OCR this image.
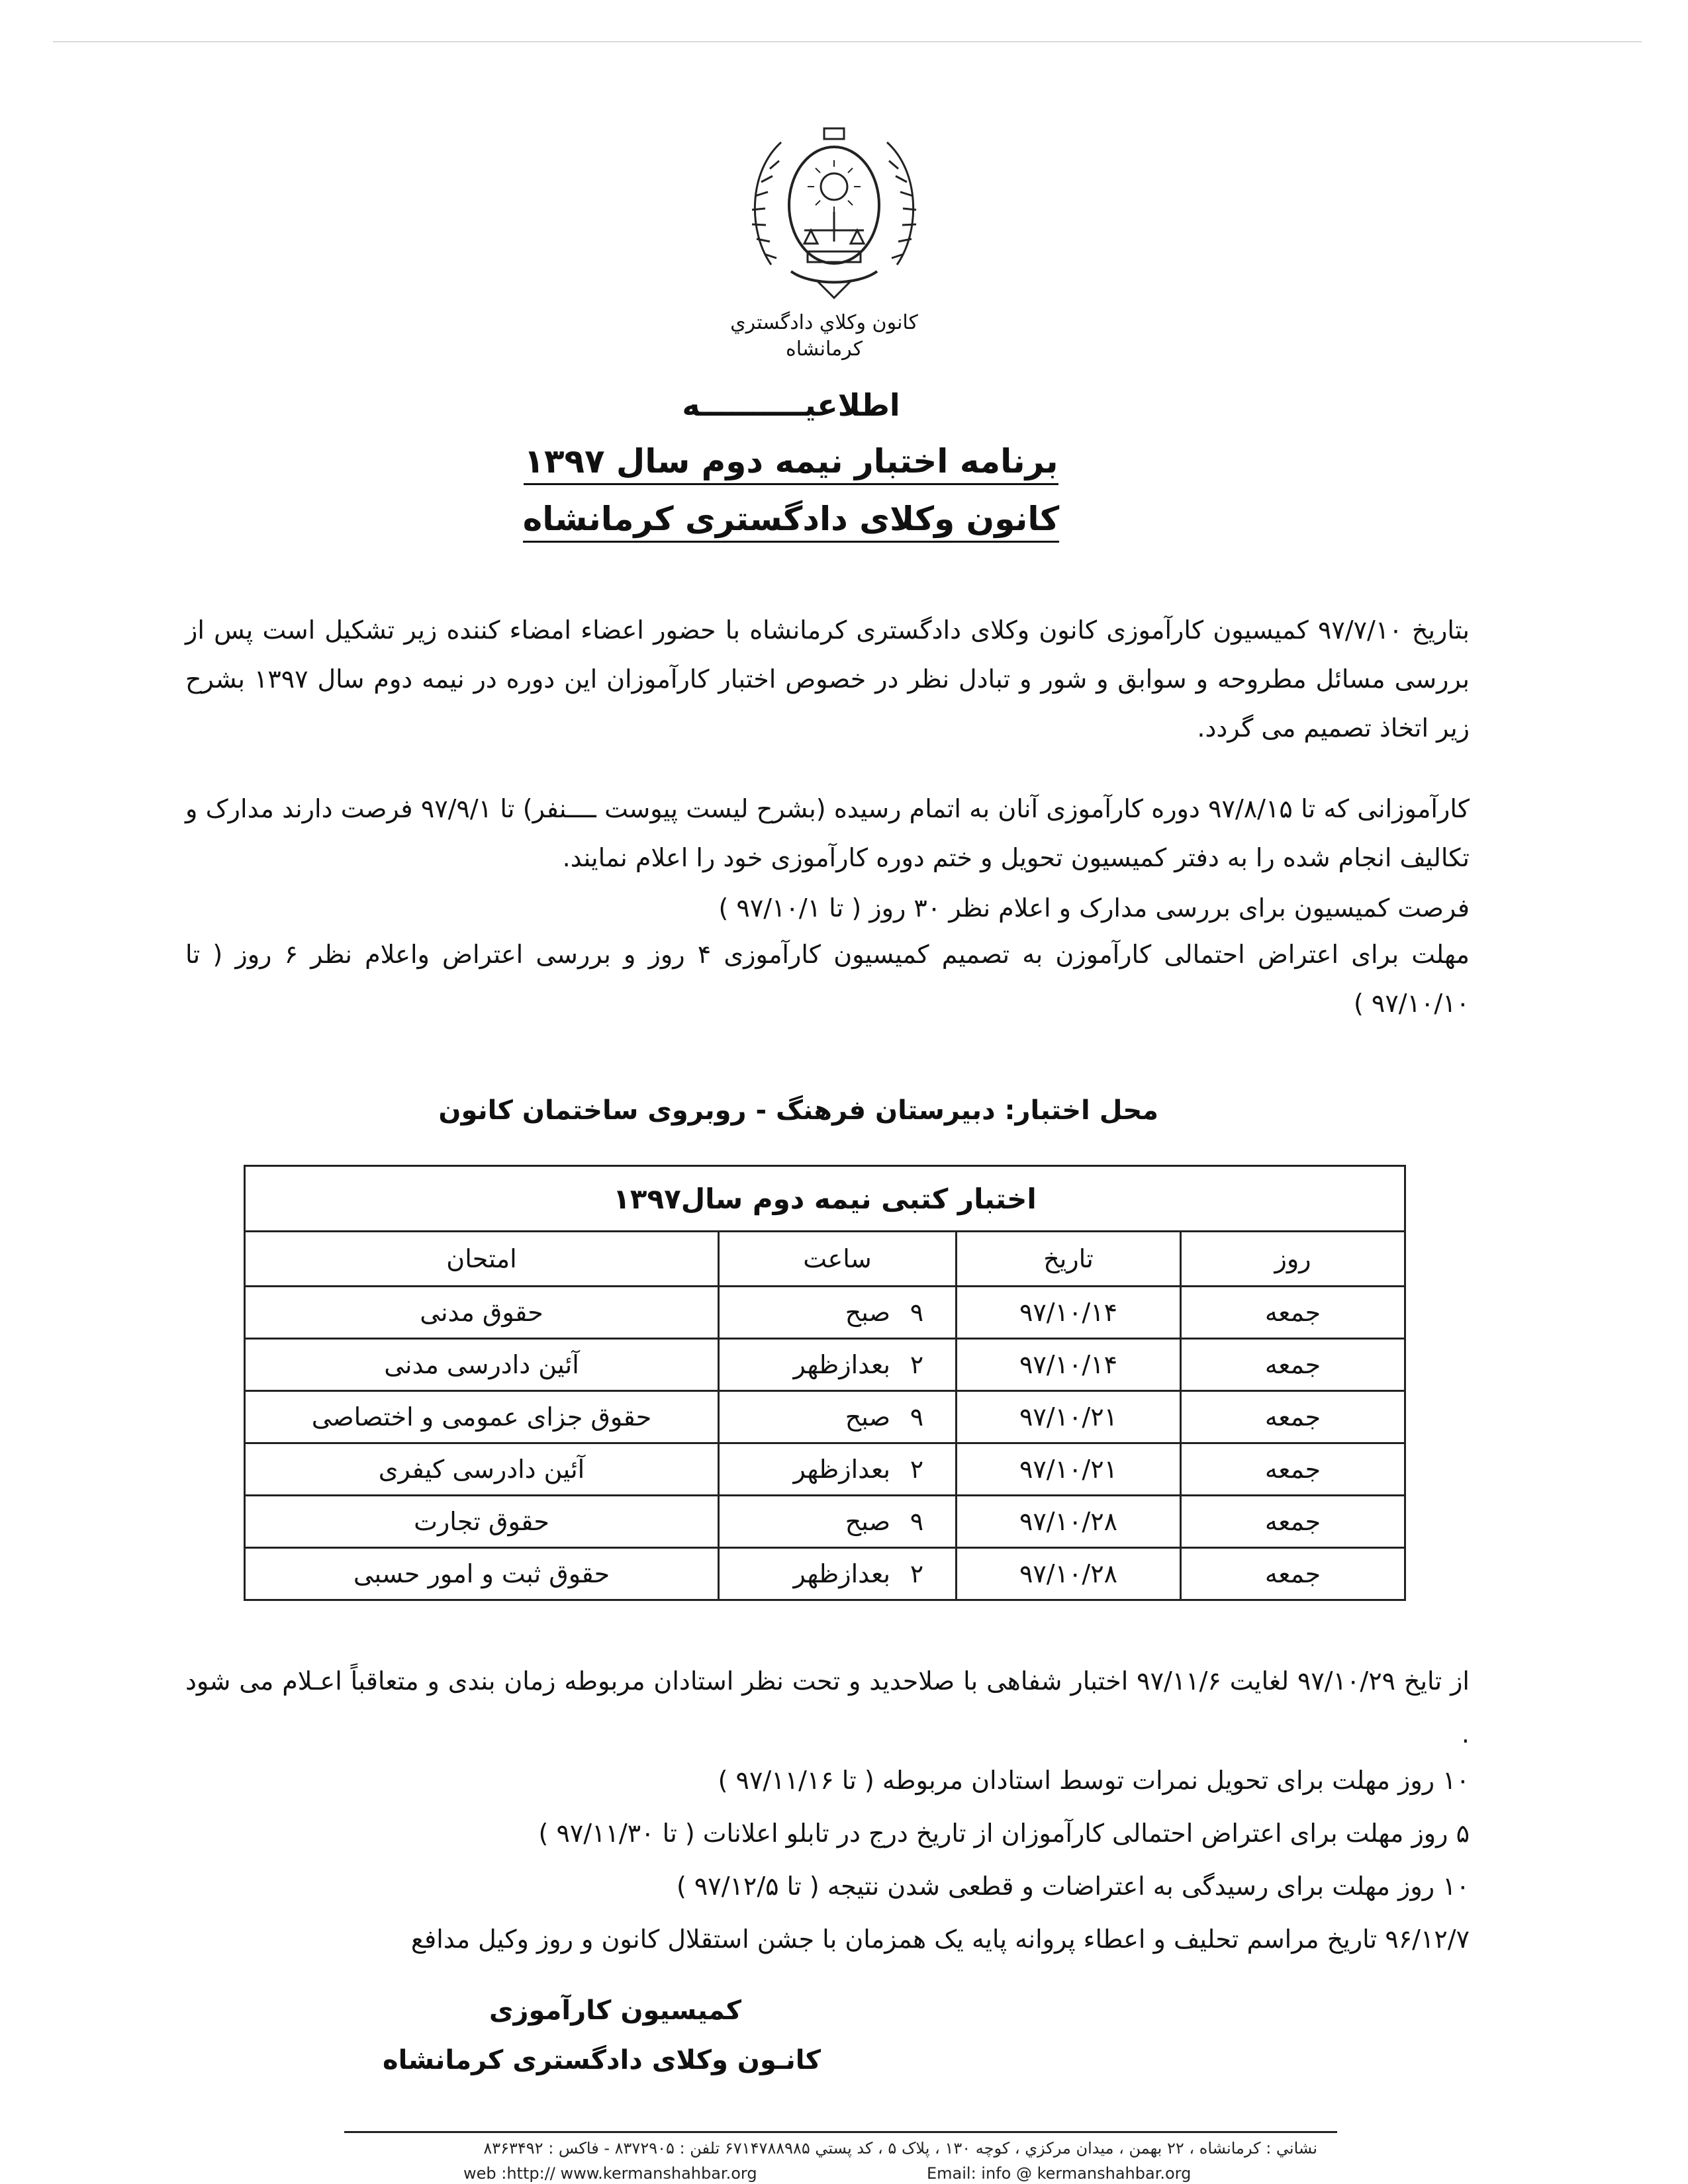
کانون وکلاي دادگستري
کرمانشاه
اطلاعیــــــــــه
برنامه اختبار نیمه دوم سال ۱۳۹۷
کانون وکلای دادگستری کرمانشاه
بتاریخ ۹۷/۷/۱۰ کمیسیون کارآموزی کانون وکلای دادگستری کرمانشاه با حضور اعضاء امضاء کننده زیر تشکیل است پس از بررسی مسائل مطروحه و سوابق و شور و تبادل نظر در خصوص اختبار کارآموزان این دوره در نیمه دوم سال ۱۳۹۷ بشرح زیر اتخاذ تصمیم می گردد.
کارآموزانی که تا ۹۷/۸/۱۵ دوره کارآموزی آنان به اتمام رسیده (بشرح لیست پیوست ــــنفر) تا ۹۷/۹/۱ فرصت دارند مدارک و تکالیف انجام شده را به دفتر کمیسیون تحویل و ختم دوره کارآموزی خود را اعلام نمایند.
فرصت کمیسیون برای بررسی مدارک و اعلام نظر ۳۰ روز ( تا ۹۷/۱۰/۱ )
مهلت برای اعتراض احتمالی کارآموزن به تصمیم کمیسیون کارآموزی ۴ روز و بررسی اعتراض واعلام نظر ۶ روز ( تا ۹۷/۱۰/۱۰ )
محل اختبار: دبیرستان فرهنگ - روبروی ساختمان کانون
اختبار کتبی نیمه دوم سال۱۳۹۷			
روز	تاریخ	ساعت	امتحان
جمعه	۹۷/۱۰/۱۴	۹صبح	حقوق مدنی
جمعه	۹۷/۱۰/۱۴	۲بعدازظهر	آئین دادرسی مدنی
جمعه	۹۷/۱۰/۲۱	۹صبح	حقوق جزای عمومی و اختصاصی
جمعه	۹۷/۱۰/۲۱	۲بعدازظهر	آئین دادرسی کیفری
جمعه	۹۷/۱۰/۲۸	۹صبح	حقوق تجارت
جمعه	۹۷/۱۰/۲۸	۲بعدازظهر	حقوق ثبت و امور حسبی
از تایخ ۹۷/۱۰/۲۹ لغایت ۹۷/۱۱/۶ اختبار شفاهی با صلاحدید و تحت نظر استادان مربوطه زمان بندی و متعاقباً اعـلام می شود .
۱۰ روز مهلت برای تحویل نمرات توسط استادان مربوطه ( تا ۹۷/۱۱/۱۶ )
۵ روز مهلت برای اعتراض احتمالی کارآموزان از تاریخ درج در تابلو اعلانات ( تا ۹۷/۱۱/۳۰ )
۱۰ روز مهلت برای رسیدگی به اعتراضات و قطعی شدن نتیجه ( تا ۹۷/۱۲/۵ )
۹۶/۱۲/۷ تاریخ مراسم تحلیف و اعطاء پروانه پایه یک همزمان با جشن استقلال کانون و روز وکیل مدافع
کمیسیون کارآموزی
کانـون وکلای دادگستری کرمانشاه
نشاني : کرمانشاه ، ۲۲ بهمن ، ميدان مرکزي ، کوچه ۱۳۰ ، پلاک ۵ ، کد پستي ۶۷۱۴۷۸۸۹۸۵ تلفن : ۸۳۷۲۹۰۵ - فاکس : ۸۳۶۳۴۹۲
web :http:// www.kermanshahbar.org	Email: info @ kermanshahbar.org
